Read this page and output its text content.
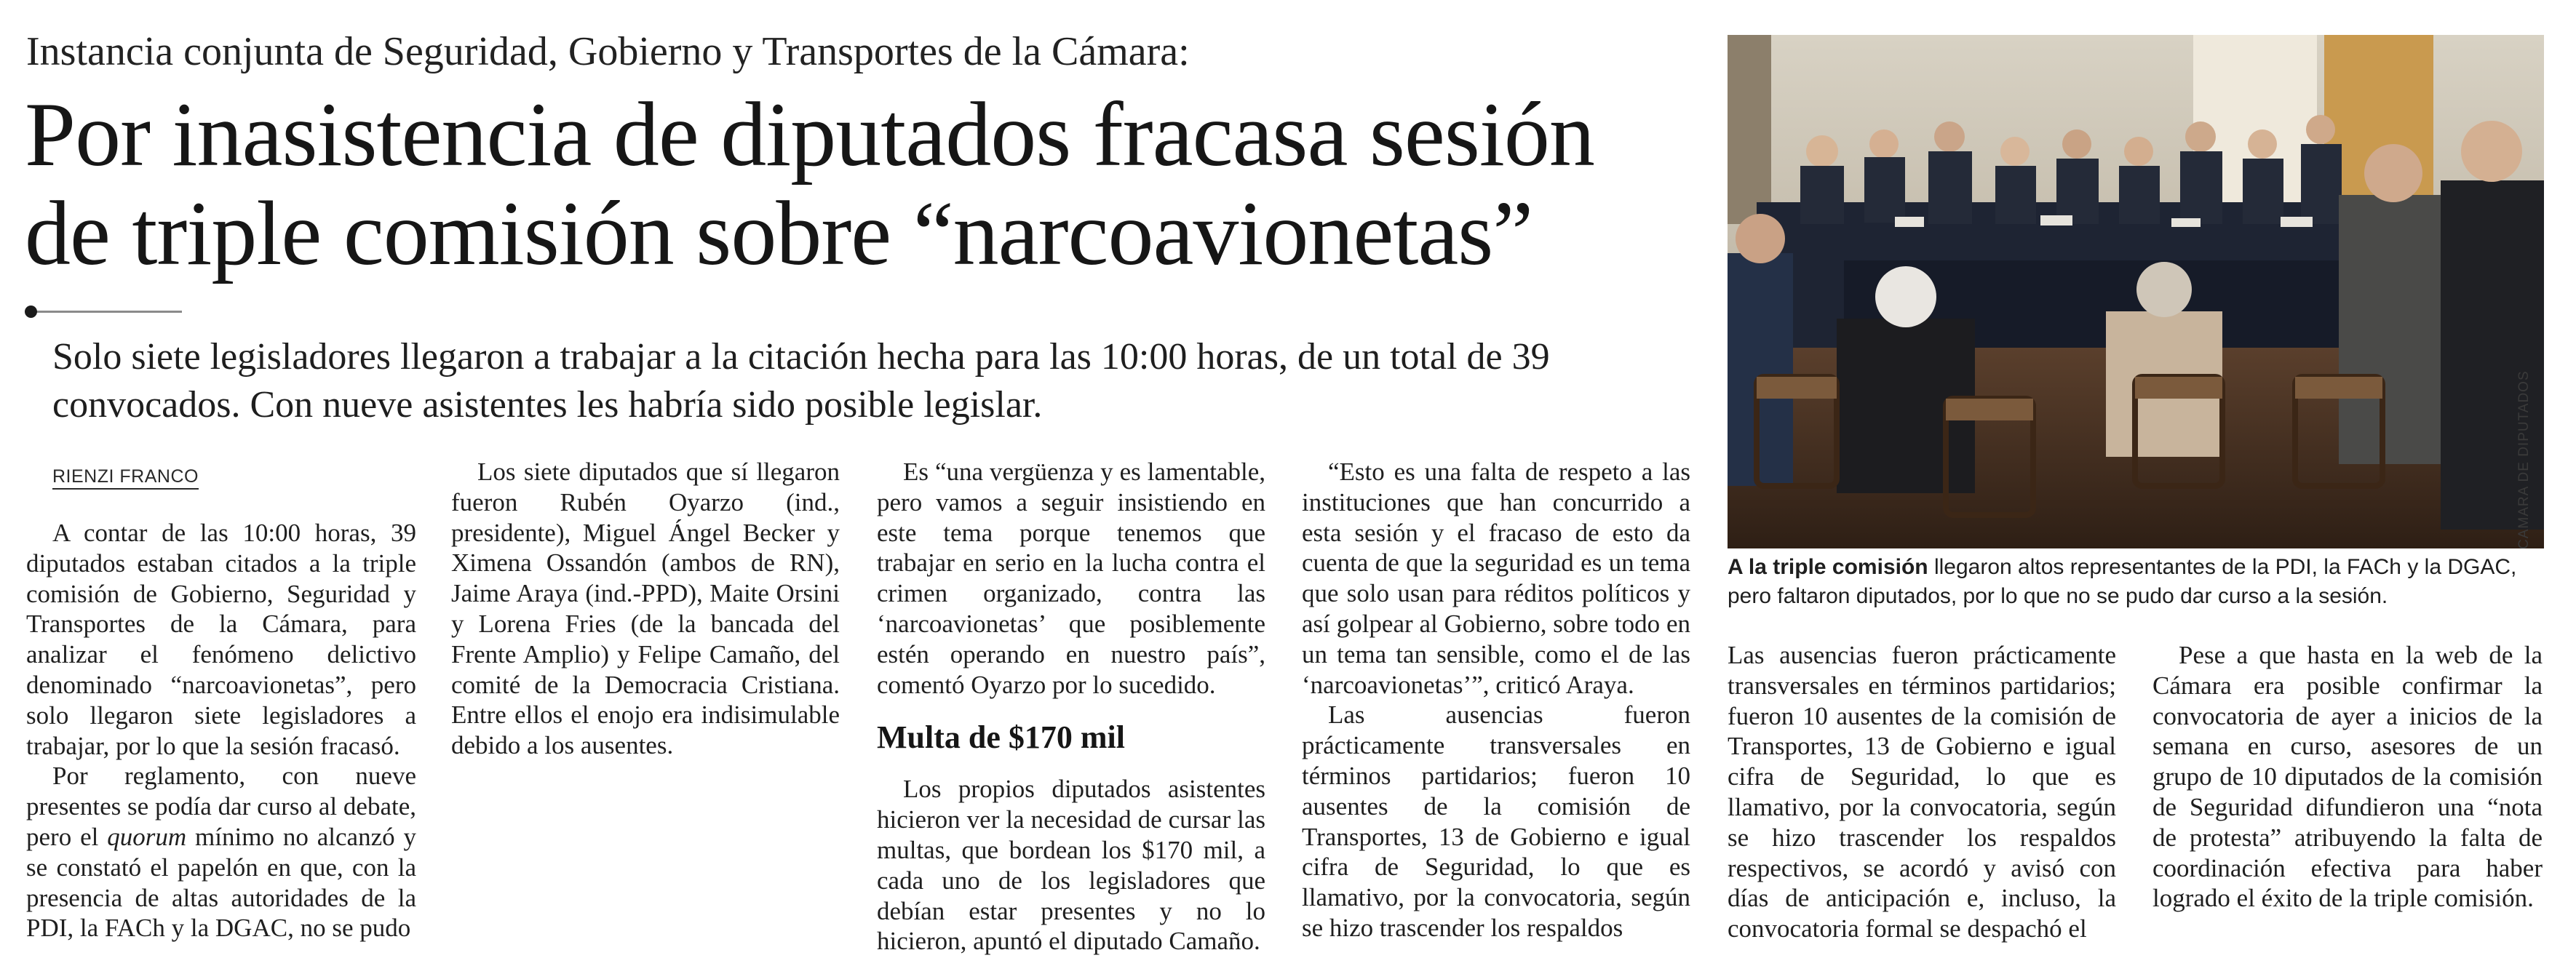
Instancia conjunta de Seguridad, Gobierno y Transportes de la Cámara:
Por inasistencia de diputados fracasa sesión
de triple comisión sobre “narcoavionetas”
Solo siete legisladores llegaron a trabajar a la citación hecha para las 10:00 horas, de un total de 39 convocados. Con nueve asistentes les habría sido posible legislar.
RIENZI FRANCO

A contar de las 10:00 horas, 39 diputados estaban citados a la triple comisión de Gobierno, Seguridad y Transportes de la Cámara, para analizar el fenómeno delictivo denominado “narcoavionetas”, pero solo llegaron siete legisladores a trabajar, por lo que la sesión fracasó.

Por reglamento, con nueve presentes se podía dar curso al debate, pero el quorum mínimo no alcanzó y se constató el papelón en que, con la presencia de altas autoridades de la PDI, la FACh y la DGAC, no se pudo

Los siete diputados que sí llegaron fueron Rubén Oyarzo (ind., presidente), Miguel Ángel Becker y Ximena Ossandón (ambos de RN), Jaime Araya (ind.-PPD), Maite Orsini y Lorena Fries (de la bancada del Frente Amplio) y Felipe Camaño, del comité de la Democracia Cristiana. Entre ellos el enojo era indisimulable debido a los ausentes.

Es “una vergüenza y es lamentable, pero vamos a seguir insistiendo en este tema porque tenemos que trabajar en serio en la lucha contra el crimen organizado, contra las ‘narcoavionetas’ que posiblemente estén operando en nuestro país”, comentó Oyarzo por lo sucedido.

Multa de $170 mil

Los propios diputados asistentes hicieron ver la necesidad de cursar las multas, que bordean los $170 mil, a cada uno de los legisladores que debían estar presentes y no lo hicieron, apuntó el diputado Camaño.

“Esto es una falta de respeto a las instituciones que han concurrido a esta sesión y el fracaso de esto da cuenta de que la seguridad es un tema que solo usan para réditos políticos y así golpear al Gobierno, sobre todo en un tema tan sensible, como el de las ‘narcoavionetas’”, criticó Araya.

Las ausencias fueron prácticamente transversales en términos partidarios; fueron 10 ausentes de la comisión de Transportes, 13 de Gobierno e igual cifra de Seguridad, lo que es llamativo, por la convocatoria, según se hizo trascender los respaldos

Las ausencias fueron prácticamente transversales en términos partidarios; fueron 10 ausentes de la comisión de Transportes, 13 de Gobierno e igual cifra de Seguridad, lo que es llamativo, por la convocatoria, según se hizo trascender los respaldos respectivos, se acordó y avisó con días de anticipación e, incluso, la convocatoria formal se despachó el

Pese a que hasta en la web de la Cámara era posible confirmar la convocatoria de ayer a inicios de la semana en curso, asesores de un grupo de 10 diputados de la comisión de Seguridad difundieron una “nota de protesta” atribuyendo la falta de coordinación efectiva para haber logrado el éxito de la triple comisión.

CAMARA DE DIPUTADOS
A la triple comisión llegaron altos representantes de la PDI, la FACh y la DGAC, pero faltaron diputados, por lo que no se pudo dar curso a la sesión.
